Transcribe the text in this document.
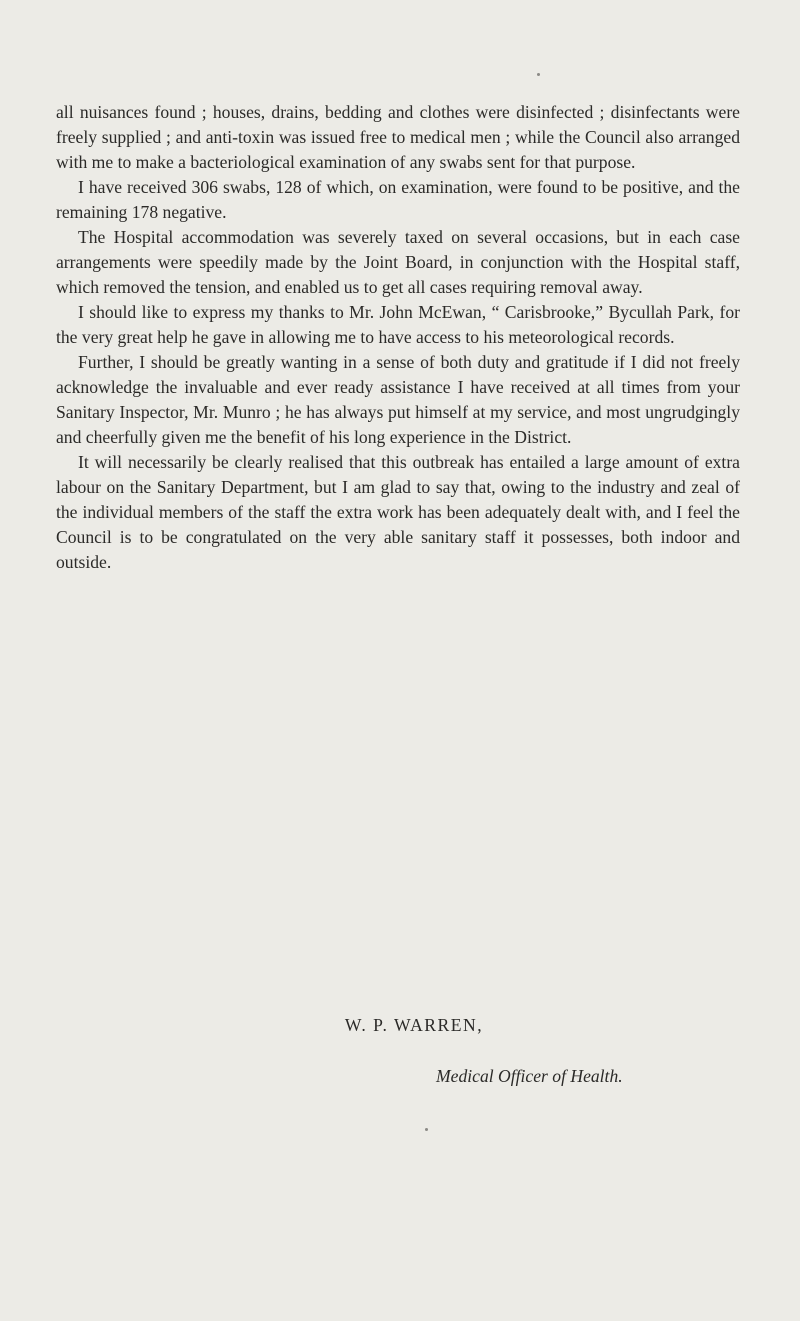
all nuisances found ; houses, drains, bedding and clothes were disinfected ; disinfectants were freely supplied ; and anti-toxin was issued free to medical men ; while the Council also arranged with me to make a bacteriological examination of any swabs sent for that purpose.

I have received 306 swabs, 128 of which, on examination, were found to be positive, and the remaining 178 negative.

The Hospital accommodation was severely taxed on several occasions, but in each case arrangements were speedily made by the Joint Board, in conjunction with the Hospital staff, which removed the tension, and enabled us to get all cases requiring removal away.

I should like to express my thanks to Mr. John McEwan, “ Carisbrooke,” Bycullah Park, for the very great help he gave in allowing me to have access to his meteorological records.

Further, I should be greatly wanting in a sense of both duty and gratitude if I did not freely acknowledge the invaluable and ever ready assistance I have received at all times from your Sanitary Inspector, Mr. Munro ; he has always put himself at my service, and most ungrudgingly and cheerfully given me the benefit of his long experience in the District.

It will necessarily be clearly realised that this outbreak has entailed a large amount of extra labour on the Sanitary Department, but I am glad to say that, owing to the industry and zeal of the individual members of the staff the extra work has been adequately dealt with, and I feel the Council is to be congratulated on the very able sanitary staff it possesses, both indoor and outside.

W. P. WARREN,
Medical Officer of Health.
